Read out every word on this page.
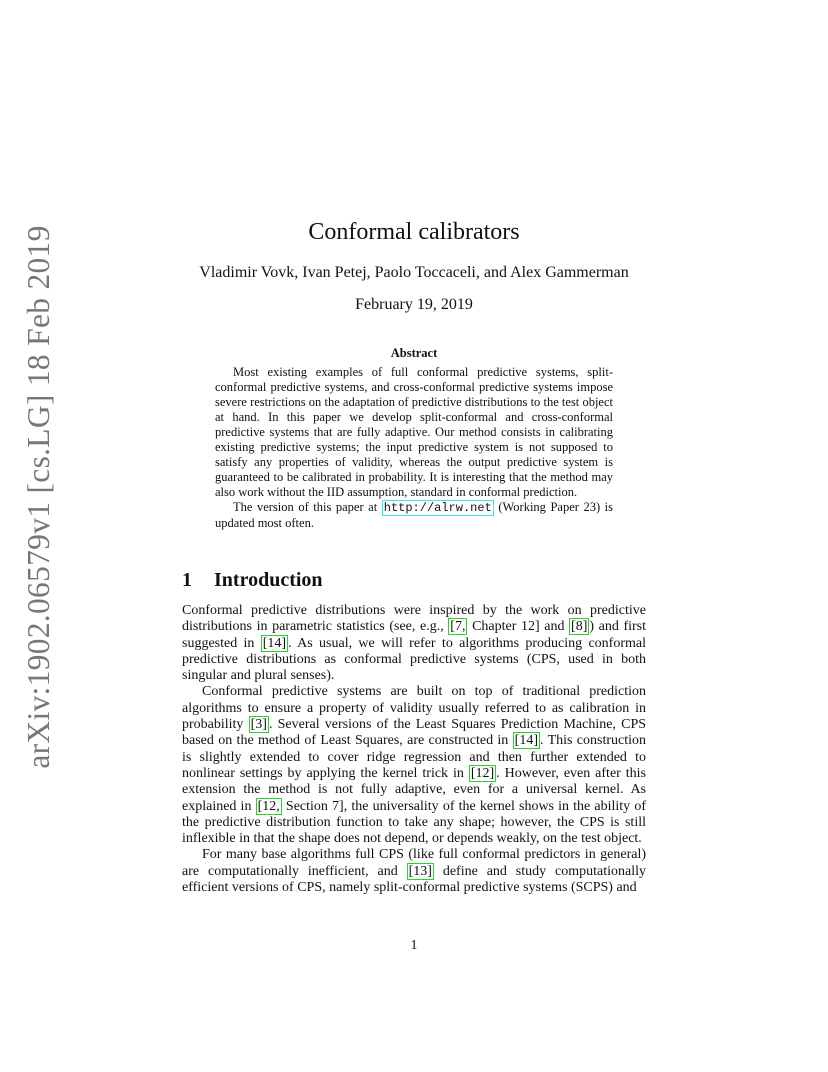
arXiv:1902.06579v1 [cs.LG] 18 Feb 2019	Conformal calibrators
Vladimir Vovk, Ivan Petej, Paolo Toccaceli, and Alex Gammerman
February 19, 2019
Abstract

Most existing examples of full conformal predictive systems, split-conformal predictive systems, and cross-conformal predictive systems impose severe restrictions on the adaptation of predictive distributions to the test object at hand. In this paper we develop split-conformal and cross-conformal predictive systems that are fully adaptive. Our method consists in calibrating existing predictive systems; the input predictive system is not supposed to satisfy any properties of validity, whereas the output predictive system is guaranteed to be calibrated in probability. It is interesting that the method may also work without the IID assumption, standard in conformal prediction.

The version of this paper at http://alrw.net (Working Paper 23) is updated most often.

1 Introduction

Conformal predictive distributions were inspired by the work on predictive distributions in parametric statistics (see, e.g., [7, Chapter 12] and [8] ) and first suggested in [14] . As usual, we will refer to algorithms producing conformal predictive distributions as conformal predictive systems (CPS, used in both singular and plural senses).

Conformal predictive systems are built on top of traditional prediction algorithms to ensure a property of validity usually referred to as calibration in probability [3] . Several versions of the Least Squares Prediction Machine, CPS based on the method of Least Squares, are constructed in [14] . This construction is slightly extended to cover ridge regression and then further extended to nonlinear settings by applying the kernel trick in [12] . However, even after this extension the method is not fully adaptive, even for a universal kernel. As explained in [12, Section 7], the universality of the kernel shows in the ability of the predictive distribution function to take any shape; however, the CPS is still inflexible in that the shape does not depend, or depends weakly, on the test object.

For many base algorithms full CPS (like full conformal predictors in general) are computationally inefficient, and [13] define and study computationally efficient versions of CPS, namely split-conformal predictive systems (SCPS) and

1
